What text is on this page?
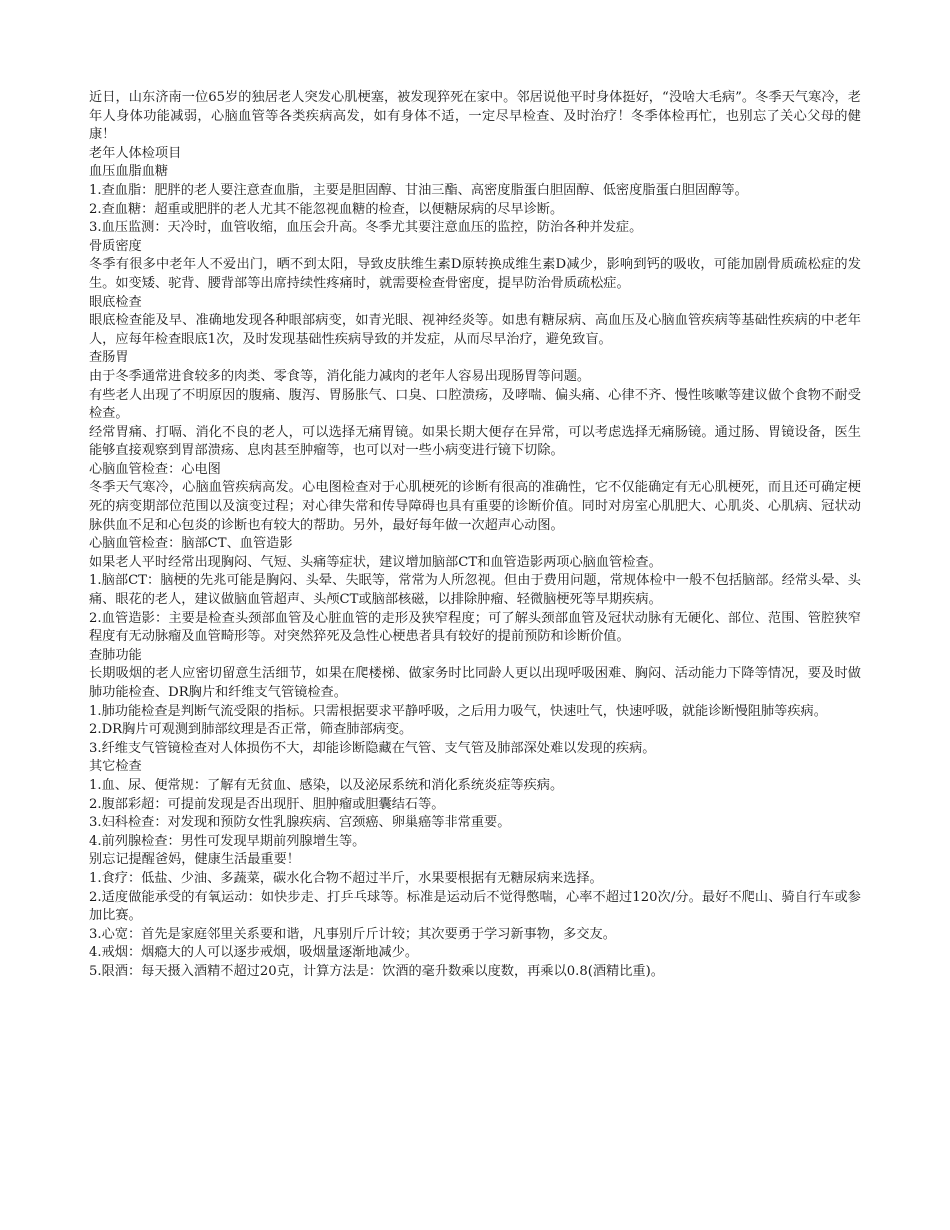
近日，山东济南一位65岁的独居老人突发心肌梗塞，被发现猝死在家中。邻居说他平时身体挺好，“没啥大毛病”。冬季天气寒冷，老年人身体功能减弱，心脑血管等各类疾病高发，如有身体不适，一定尽早检查、及时治疗！冬季体检再忙，也别忘了关心父母的健康！

老年人体检项目
血压血脂血糖

1.查血脂：肥胖的老人要注意查血脂，主要是胆固醇、甘油三酯、高密度脂蛋白胆固醇、低密度脂蛋白胆固醇等。

2.查血糖：超重或肥胖的老人尤其不能忽视血糖的检查，以便糖尿病的尽早诊断。

3.血压监测：天冷时，血管收缩，血压会升高。冬季尤其要注意血压的监控，防治各种并发症。

骨质密度

冬季有很多中老年人不爱出门，晒不到太阳，导致皮肤维生素D原转换成维生素D减少，影响到钙的吸收，可能加剧骨质疏松症的发生。如变矮、驼背、腰背部等出席持续性疼痛时，就需要检查骨密度，提早防治骨质疏松症。

眼底检查

眼底检查能及早、准确地发现各种眼部病变，如青光眼、视神经炎等。如患有糖尿病、高血压及心脑血管疾病等基础性疾病的中老年人，应每年检查眼底1次，及时发现基础性疾病导致的并发症，从而尽早治疗，避免致盲。

查肠胃

由于冬季通常进食较多的肉类、零食等，消化能力减肉的老年人容易出现肠胃等问题。

有些老人出现了不明原因的腹痛、腹泻、胃肠胀气、口臭、口腔溃疡，及哮喘、偏头痛、心律不齐、慢性咳嗽等建议做个食物不耐受检查。

经常胃痛、打嗝、消化不良的老人，可以选择无痛胃镜。如果长期大便存在异常，可以考虑选择无痛肠镜。通过肠、胃镜设备，医生能够直接观察到胃部溃疡、息肉甚至肿瘤等，也可以对一些小病变进行镜下切除。

心脑血管检查：心电图

冬季天气寒冷，心脑血管疾病高发。心电图检查对于心肌梗死的诊断有很高的准确性，它不仅能确定有无心肌梗死，而且还可确定梗死的病变期部位范围以及演变过程；对心律失常和传导障碍也具有重要的诊断价值。同时对房室心肌肥大、心肌炎、心肌病、冠状动脉供血不足和心包炎的诊断也有较大的帮助。另外，最好每年做一次超声心动图。

心脑血管检查：脑部CT、血管造影

如果老人平时经常出现胸闷、气短、头痛等症状，建议增加脑部CT和血管造影两项心脑血管检查。

1.脑部CT：脑梗的先兆可能是胸闷、头晕、失眠等，常常为人所忽视。但由于费用问题，常规体检中一般不包括脑部。经常头晕、头痛、眼花的老人，建议做脑血管超声、头颅CT或脑部核磁，以排除肿瘤、轻微脑梗死等早期疾病。

2.血管造影：主要是检查头颈部血管及心脏血管的走形及狭窄程度；可了解头颈部血管及冠状动脉有无硬化、部位、范围、管腔狭窄程度有无动脉瘤及血管畸形等。对突然猝死及急性心梗患者具有较好的提前预防和诊断价值。

查肺功能

长期吸烟的老人应密切留意生活细节，如果在爬楼梯、做家务时比同龄人更以出现呼吸困难、胸闷、活动能力下降等情况，要及时做肺功能检查、DR胸片和纤维支气管镜检查。

1.肺功能检查是判断气流受限的指标。只需根据要求平静呼吸，之后用力吸气，快速吐气，快速呼吸，就能诊断慢阻肺等疾病。

2.DR胸片可观测到肺部纹理是否正常，筛查肺部病变。

3.纤维支气管镜检查对人体损伤不大，却能诊断隐藏在气管、支气管及肺部深处难以发现的疾病。

其它检查

1.血、尿、便常规：了解有无贫血、感染，以及泌尿系统和消化系统炎症等疾病。

2.腹部彩超：可提前发现是否出现肝、胆肿瘤或胆囊结石等。

3.妇科检查：对发现和预防女性乳腺疾病、宫颈癌、卵巢癌等非常重要。

4.前列腺检查：男性可发现早期前列腺增生等。

别忘记提醒爸妈，健康生活最重要！

1.食疗：低盐、少油、多蔬菜，碳水化合物不超过半斤，水果要根据有无糖尿病来选择。

2.适度做能承受的有氧运动：如快步走、打乒乓球等。标准是运动后不觉得憋喘，心率不超过120次/分。最好不爬山、骑自行车或参加比赛。

3.心宽：首先是家庭邻里关系要和谐，凡事别斤斤计较；其次要勇于学习新事物，多交友。

4.戒烟：烟瘾大的人可以逐步戒烟，吸烟量逐渐地减少。

5.限酒：每天摄入酒精不超过20克，计算方法是：饮酒的毫升数乘以度数，再乘以0.8(酒精比重)。
